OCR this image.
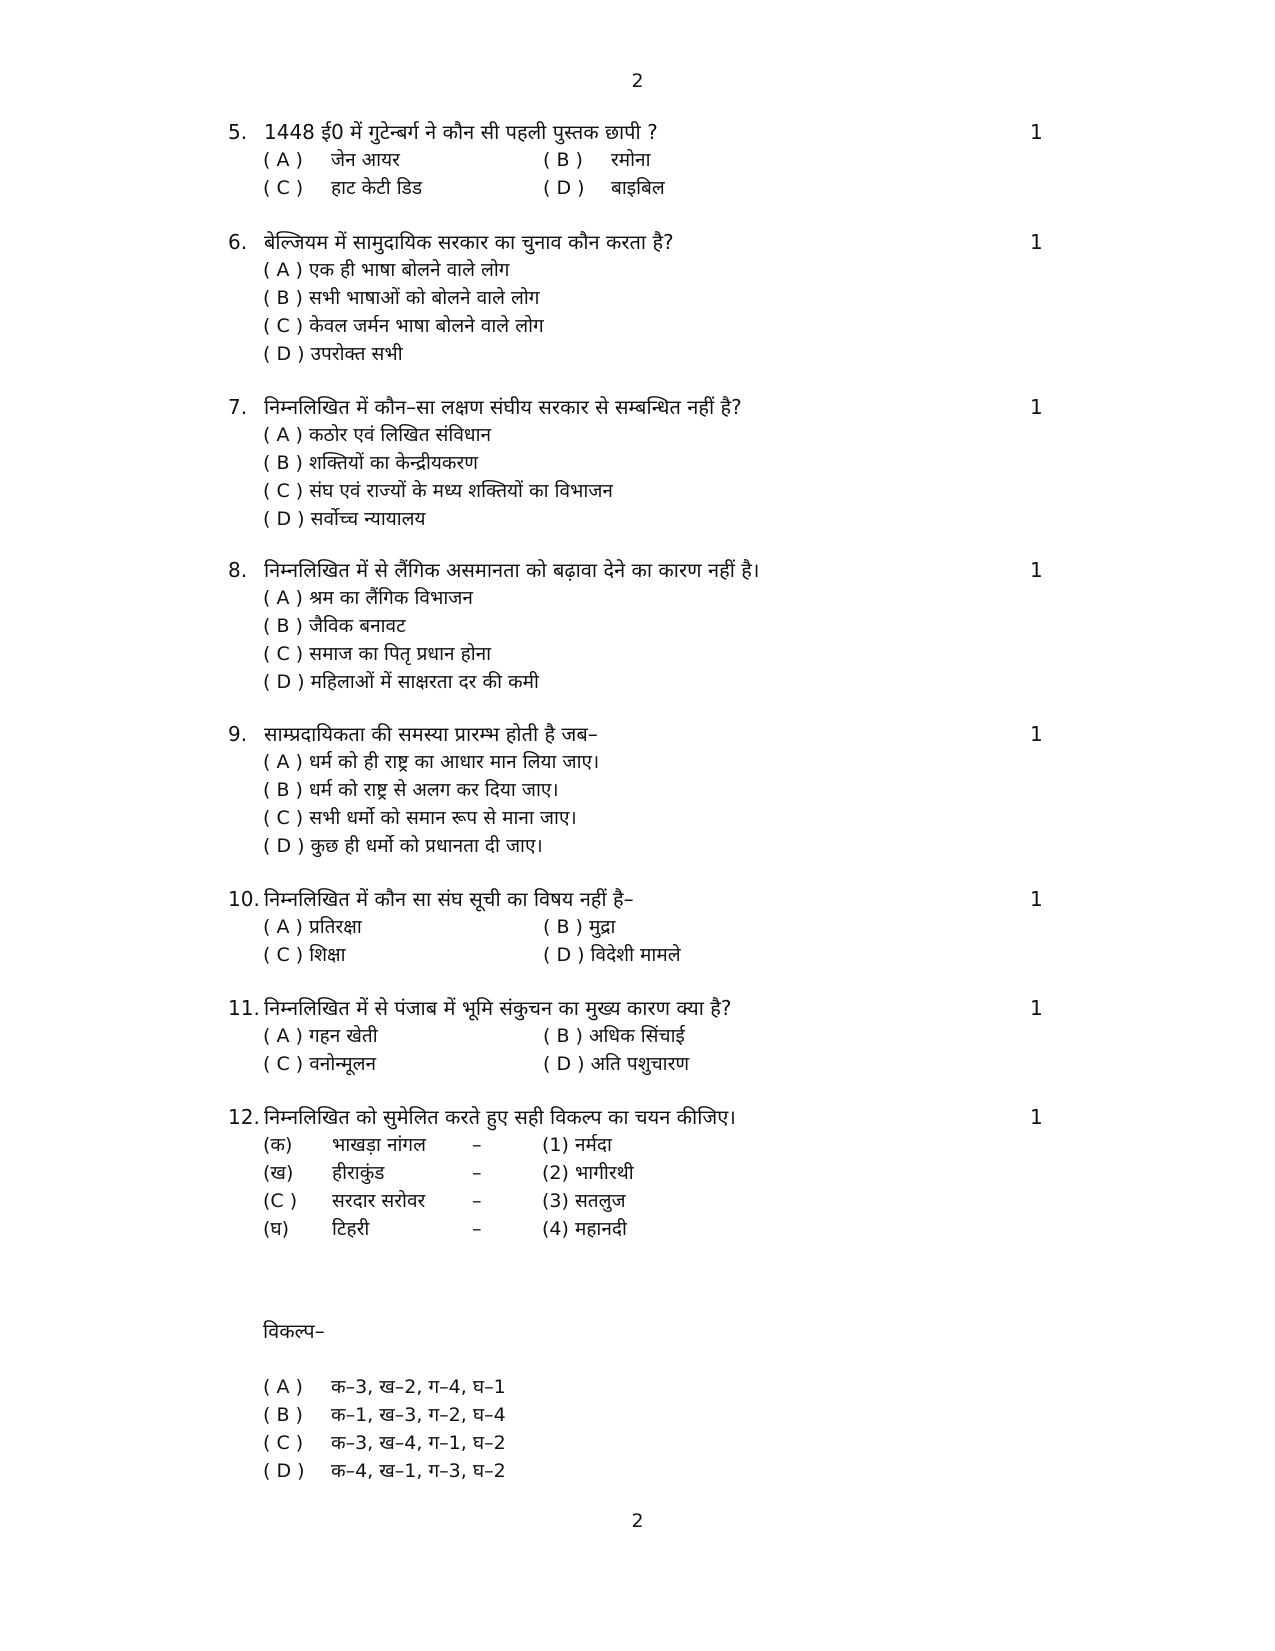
2
5. 1448 ई0 में गुटेन्बर्ग ने कौन सी पहली पुस्तक छापी ?	1
( A ) जेन आयर	( B ) रमोना
( C ) हाट केटी डिड	( D ) बाइबिल
6. बेल्जियम में सामुदायिक सरकार का चुनाव कौन करता है?	1
( A ) एक ही भाषा बोलने वाले लोग
( B ) सभी भाषाओं को बोलने वाले लोग
( C ) केवल जर्मन भाषा बोलने वाले लोग
( D ) उपरोक्त सभी
7. निम्नलिखित में कौन–सा लक्षण संघीय सरकार से सम्बन्धित नहीं है?	1
( A ) कठोर एवं लिखित संविधान
( B ) शक्तियों का केन्द्रीयकरण
( C ) संघ एवं राज्यों के मध्य शक्तियों का विभाजन
( D ) सर्वोच्च न्यायालय
8. निम्नलिखित में से लैंगिक असमानता को बढ़ावा देने का कारण नहीं है।	1
( A ) श्रम का लैंगिक विभाजन
( B ) जैविक बनावट
( C ) समाज का पितृ प्रधान होना
( D ) महिलाओं में साक्षरता दर की कमी
9. साम्प्रदायिकता की समस्या प्रारम्भ होती है जब–	1
( A ) धर्म को ही राष्ट्र का आधार मान लिया जाए।
( B ) धर्म को राष्ट्र से अलग कर दिया जाए।
( C ) सभी धर्मो को समान रूप से माना जाए।
( D ) कुछ ही धर्मो को प्रधानता दी जाए।
10. निम्नलिखित में कौन सा संघ सूची का विषय नहीं है–	1
( A ) प्रतिरक्षा	( B ) मुद्रा
( C ) शिक्षा	( D ) विदेशी मामले
11. निम्नलिखित में से पंजाब में भूमि संकुचन का मुख्य कारण क्या है?	1
( A ) गहन खेती	( B ) अधिक सिंचाई
( C ) वनोन्मूलन	( D ) अति पशुचारण
12. निम्नलिखित को सुमेलित करते हुए सही विकल्प का चयन कीजिए।	1
(क) भाखड़ा नांगल –	(1) नर्मदा
(ख) हीराकुंड	–	(2) भागीरथी
(C ) सरदार सरोवर –	(3) सतलुज
(घ) टिहरी	–	(4) महानदी
विकल्प–
( A ) क–3, ख–2, ग–4, घ–1
( B ) क–1, ख–3, ग–2, घ–4
( C ) क–3, ख–4, ग–1, घ–2
( D ) क–4, ख–1, ग–3, घ–2
2
